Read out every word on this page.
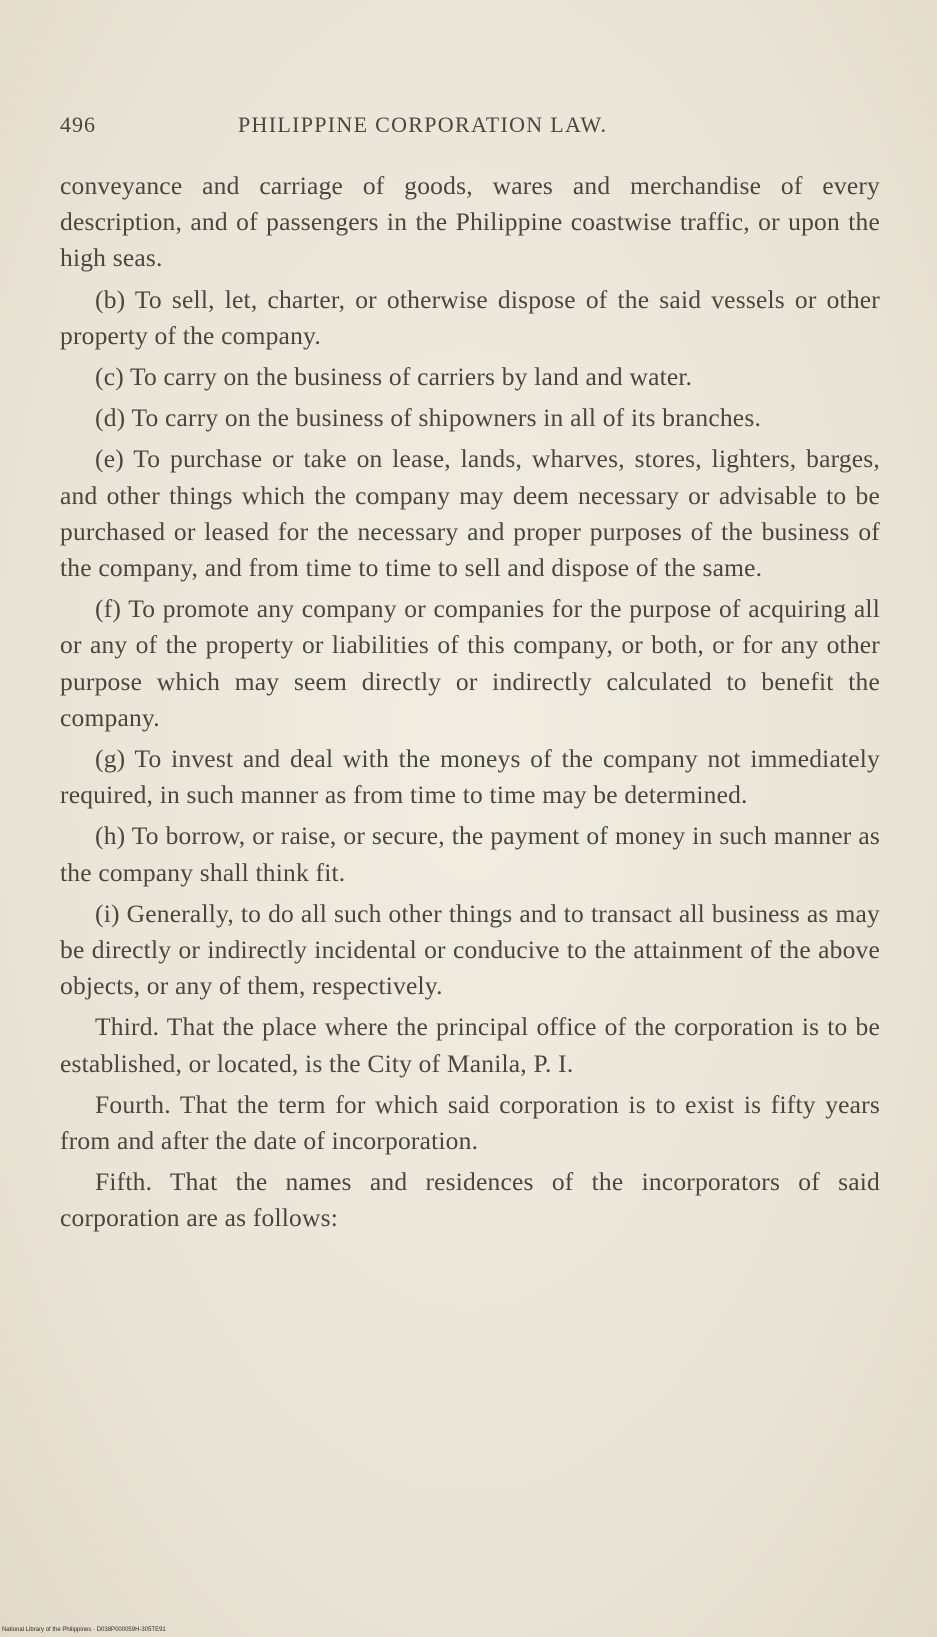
496	PHILIPPINE CORPORATION LAW.

conveyance and carriage of goods, wares and merchandise of every description, and of passengers in the Philippine coastwise traffic, or upon the high seas.

(b) To sell, let, charter, or otherwise dispose of the said vessels or other property of the company.

(c) To carry on the business of carriers by land and water.

(d) To carry on the business of shipowners in all of its branches.

(e) To purchase or take on lease, lands, wharves, stores, lighters, barges, and other things which the company may deem necessary or advisable to be purchased or leased for the necessary and proper purposes of the business of the company, and from time to time to sell and dispose of the same.

(f) To promote any company or companies for the purpose of acquiring all or any of the property or liabilities of this company, or both, or for any other purpose which may seem directly or indirectly calculated to benefit the company.

(g) To invest and deal with the moneys of the company not immediately required, in such manner as from time to time may be determined.

(h) To borrow, or raise, or secure, the payment of money in such manner as the company shall think fit.

(i) Generally, to do all such other things and to transact all business as may be directly or indirectly incidental or conducive to the attainment of the above objects, or any of them, respectively.

Third. That the place where the principal office of the corporation is to be established, or located, is the City of Manila, P. I.

Fourth. That the term for which said corporation is to exist is fifty years from and after the date of incorporation.

Fifth. That the names and residences of the incorporators of said corporation are as follows:

National Library of the Philippines · D038P000059H-305TE91
